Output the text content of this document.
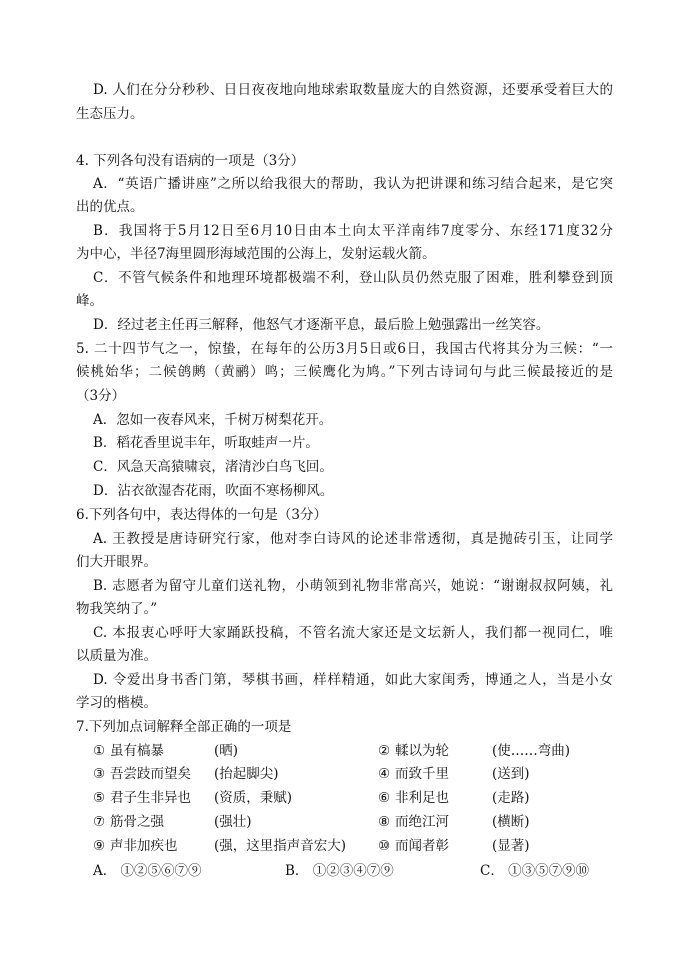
D. 人们在分分秒秒、日日夜夜地向地球索取数量庞大的自然资源，还要承受着巨大的
生态压力。
4. 下列各句没有语病的一项是（3分）
A．“英语广播讲座”之所以给我很大的帮助，我认为把讲课和练习结合起来，是它突
出的优点。
B．我国将于5月12日至6月10日由本土向太平洋南纬7度零分、东经171度32分
为中心，半径7海里圆形海域范围的公海上，发射运载火箭。
C．不管气候条件和地理环境都极端不利，登山队员仍然克服了困难，胜利攀登到顶
峰。
D．经过老主任再三解释，他怒气才逐渐平息，最后脸上勉强露出一丝笑容。
5. 二十四节气之一，惊蛰，在每年的公历3月5日或6日，我国古代将其分为三候：“一
候桃始华；二候鸧鹒（黄鹂）鸣；三候鹰化为鸠。”下列古诗词句与此三候最接近的是
（3分）
A．忽如一夜春风来，千树万树梨花开。
B．稻花香里说丰年，听取蛙声一片。
C．风急天高猿啸哀，渚清沙白鸟飞回。
D．沾衣欲湿杏花雨，吹面不寒杨柳风。
6.下列各句中，表达得体的一句是（3分）
A. 王教授是唐诗研究行家，他对李白诗风的论述非常透彻，真是抛砖引玉，让同学
们大开眼界。
B. 志愿者为留守儿童们送礼物，小萌领到礼物非常高兴，她说：“谢谢叔叔阿姨，礼
物我笑纳了。”
C. 本报衷心呼吁大家踊跃投稿，不管名流大家还是文坛新人，我们都一视同仁，唯
以质量为准。
D. 令爱出身书香门第，琴棋书画，样样精通，如此大家闺秀，博通之人，当是小女
学习的楷模。
7.下列加点词解释全部正确的一项是
① 虽有槁暴	(晒)	② 輮以为轮	(使……弯曲)
③ 吾尝跂而望矣 (抬起脚尖)	④ 而致千里	(送到)
⑤ 君子生非异也 (资质，秉赋)	⑥ 非利足也	(走路)
⑦ 筋骨之强	(强壮)	⑧ 而绝江河	(横断)
⑨ 声非加疾也	(强，这里指声音宏大) ⑩ 而闻者彰	(显著)
A． ①②⑤⑥⑦⑨	B． ①②③④⑦⑨	C． ①③⑤⑦⑨⑩
